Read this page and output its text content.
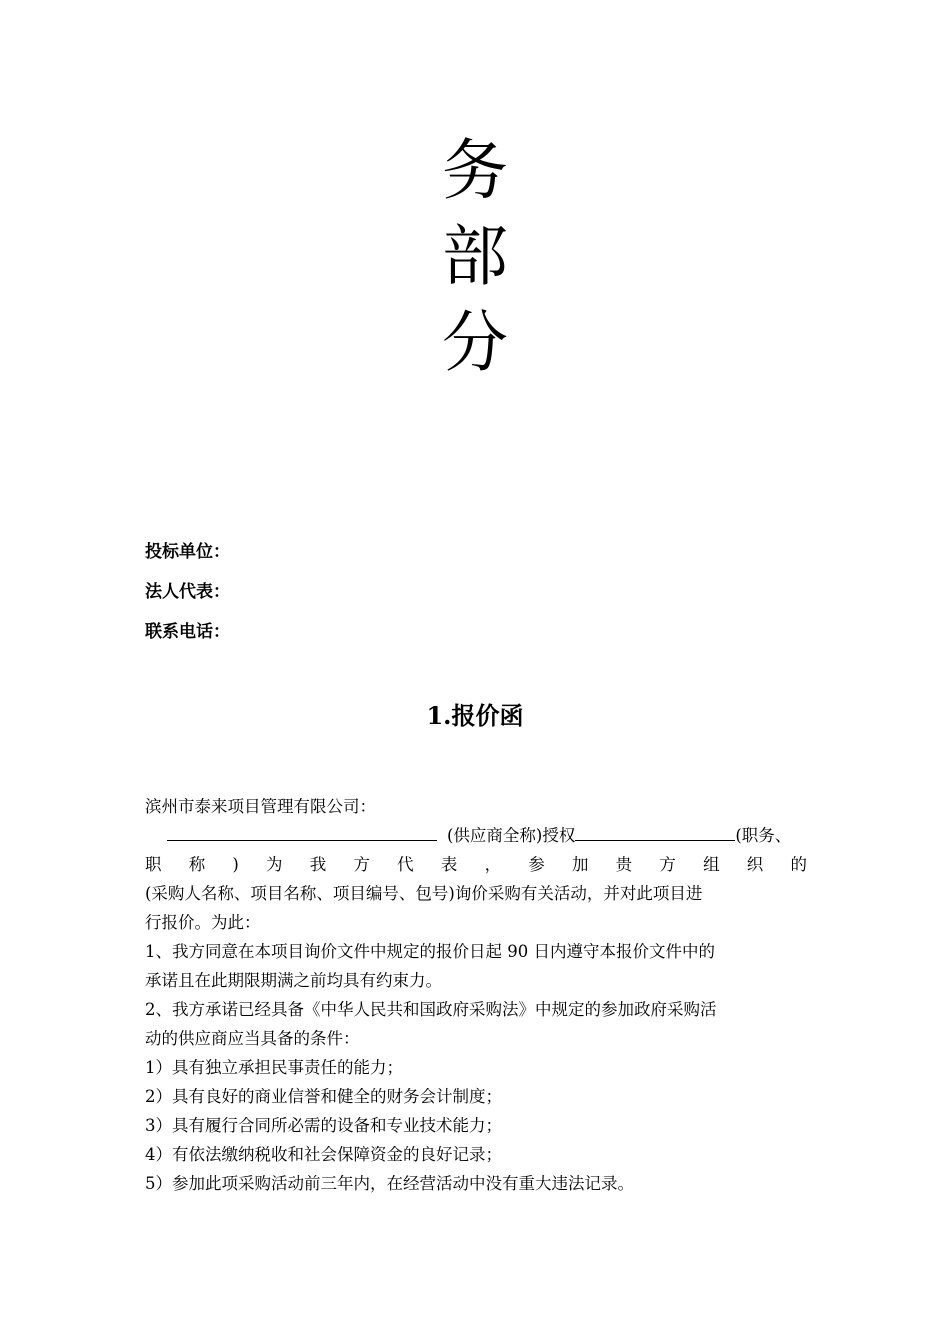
务
部
分
投标单位：
法人代表：
联系电话：
1.报价函

滨州市泰来项目管理有限公司：

(供应商全称)授权	(职务、

职 称 ) 为 我 方 代 表 ， 参 加 贵 方 组 织 的

(采购人名称、项目名称、项目编号、包号)询价采购有关活动，并对此项目进

行报价。为此：

1、我方同意在本项目询价文件中规定的报价日起 90 日内遵守本报价文件中的

承诺且在此期限期满之前均具有约束力。

2、我方承诺已经具备《中华人民共和国政府采购法》中规定的参加政府采购活

动的供应商应当具备的条件：

1）具有独立承担民事责任的能力；

2）具有良好的商业信誉和健全的财务会计制度；

3）具有履行合同所必需的设备和专业技术能力；

4）有依法缴纳税收和社会保障资金的良好记录；

5）参加此项采购活动前三年内，在经营活动中没有重大违法记录。
